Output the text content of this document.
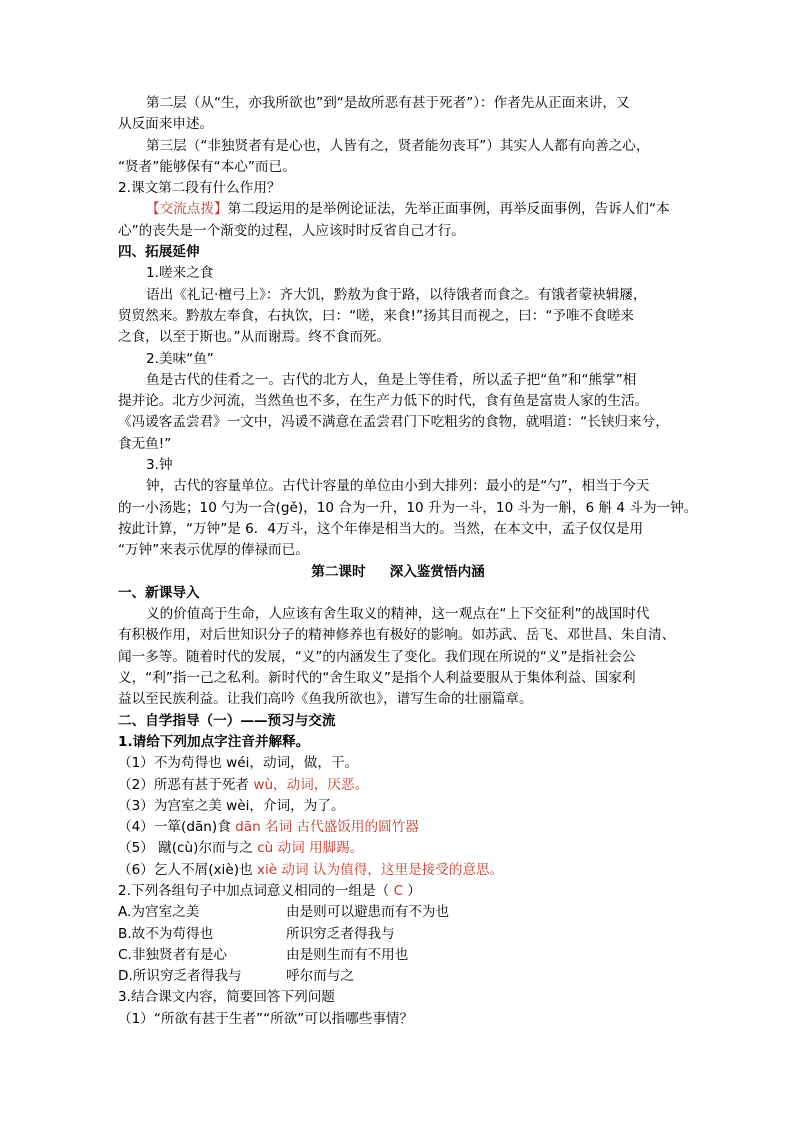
第二层（从“生，亦我所欲也”到“是故所恶有甚于死者”）：作者先从正面来讲，又
从反面来申述。
第三层（“非独贤者有是心也，人皆有之，贤者能勿丧耳”）其实人人都有向善之心，
“贤者”能够保有“本心”而已。
2.课文第二段有什么作用？
【交流点拨】第二段运用的是举例论证法，先举正面事例，再举反面事例，告诉人们“本
心”的丧失是一个渐变的过程，人应该时时反省自己才行。
四、拓展延伸
1.嗟来之食
语出《礼记·檀弓上》：齐大饥，黔敖为食于路，以待饿者而食之。有饿者蒙袂辑屦，
贸贸然来。黔敖左奉食，右执饮，曰：“嗟，来食!”扬其目而视之，曰：“予唯不食嗟来
之食，以至于斯也。”从而谢焉。终不食而死。
2.美味“鱼”
鱼是古代的佳肴之一。古代的北方人，鱼是上等佳肴，所以孟子把“鱼”和“熊掌”相
提并论。北方少河流，当然鱼也不多，在生产力低下的时代，食有鱼是富贵人家的生活。
《冯谖客孟尝君》一文中，冯谖不满意在孟尝君门下吃粗劣的食物，就唱道：“长铗归来兮，
食无鱼!”
3.钟
钟，古代的容量单位。古代计容量的单位由小到大排列：最小的是“勺”，相当于今天
的一小汤匙；10 勺为一合(gě)，10 合为一升，10 升为一斗，10 斗为一斛，6 斛 4 斗为一钟。
按此计算，“万钟”是 6．4万斗，这个年俸是相当大的。当然，在本文中，孟子仅仅是用
“万钟”来表示优厚的俸禄而已。
第二课时 深入鉴赏悟内涵
一、新课导入
义的价值高于生命，人应该有舍生取义的精神，这一观点在“上下交征利”的战国时代
有积极作用，对后世知识分子的精神修养也有极好的影响。如苏武、岳飞、邓世昌、朱自清、
闻一多等。随着时代的发展，“义”的内涵发生了变化。我们现在所说的“义”是指社会公
义，“利”指一己之私利。新时代的“舍生取义”是指个人利益要服从于集体利益、国家利
益以至民族利益。让我们高吟《鱼我所欲也》，谱写生命的壮丽篇章。
二、自学指导（一）——预习与交流
1.请给下列加点字注音并解释。
（1）不为苟得也 wéi，动词，做，干。
（2）所恶有甚于死者 wù，动词，厌恶。
（3）为宫室之美 wèi，介词，为了。
（4）一箪(dān)食 dān 名词 古代盛饭用的圆竹器
（5） 蹴(cù)尔而与之 cù 动词 用脚踢。
（6）乞人不屑(xiè)也 xiè 动词 认为值得，这里是接受的意思。
2.下列各组句子中加点词意义相同的一组是（ C ）
A.为宫室之美	由是则可以避患而有不为也
B.故不为苟得也	所识穷乏者得我与
C.非独贤者有是心	由是则生而有不用也
D.所识穷乏者得我与	呼尔而与之
3.结合课文内容，简要回答下列问题
（1）“所欲有甚于生者”“所欲”可以指哪些事情？
